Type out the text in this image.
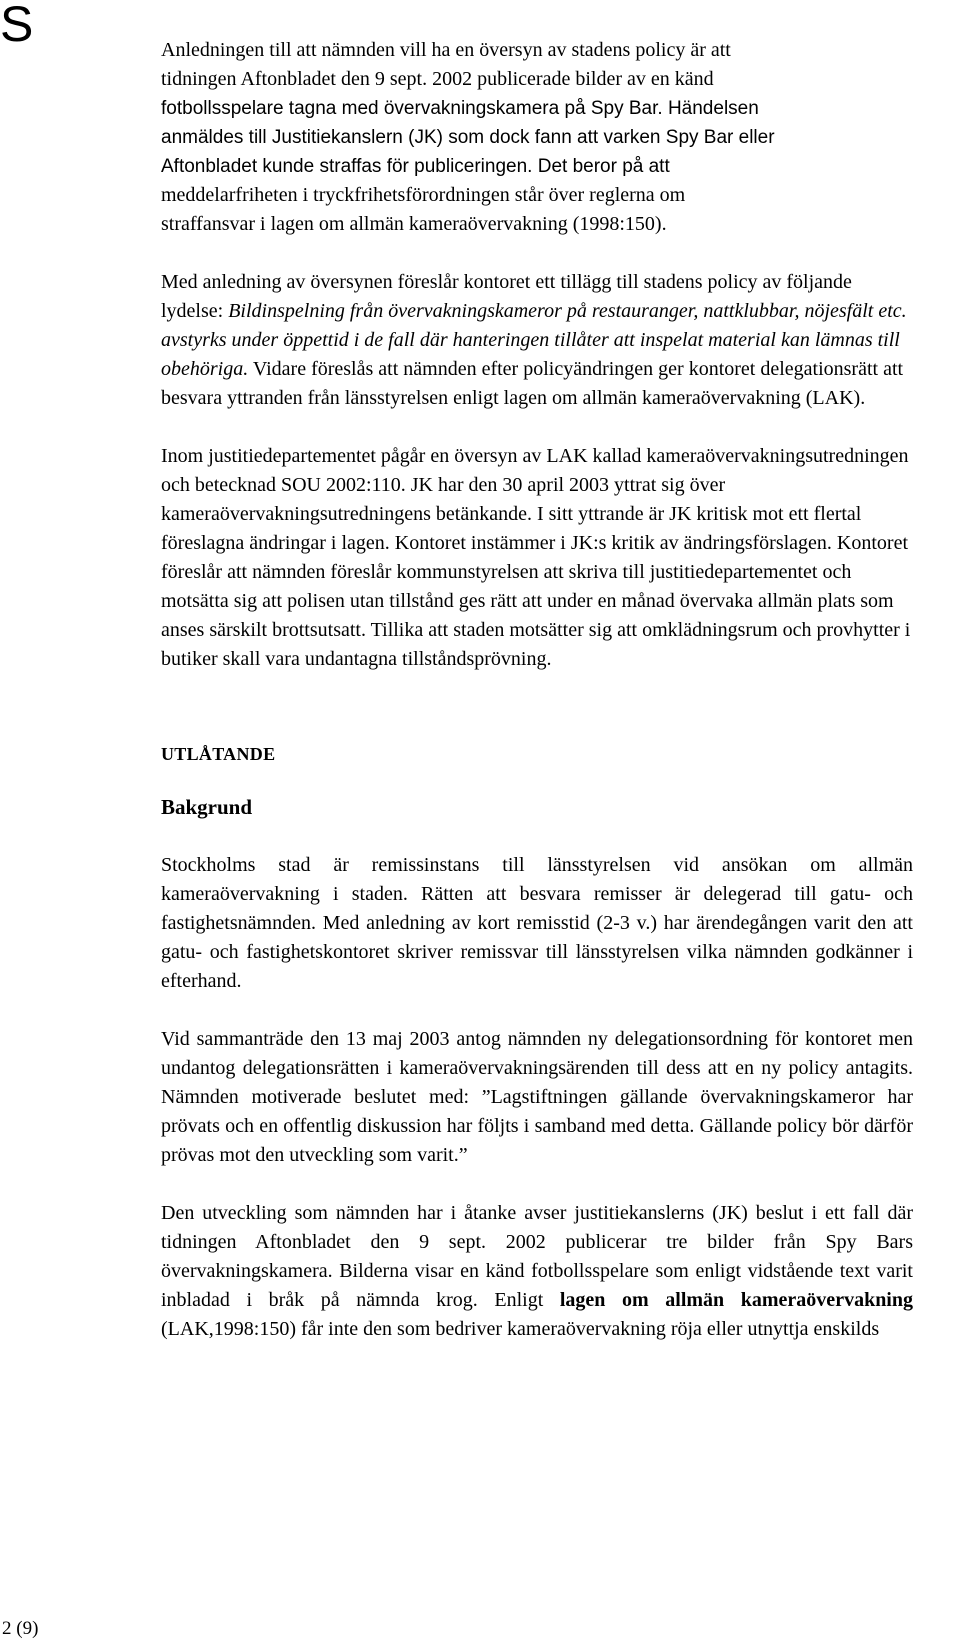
S	Anledningen till att nämnden vill ha en översyn av stadens policy är att
tidningen Aftonbladet den 9 sept. 2002 publicerade bilder av en känd
fotbollsspelare tagna med övervakningskamera på Spy Bar. Händelsen
anmäldes till Justitiekanslern (JK) som dock fann att varken Spy Bar eller
Aftonbladet kunde straffas för publiceringen. Det beror på att
meddelarfriheten i tryckfrihetsförordningen står över reglerna om
straffansvar i lagen om allmän kameraövervakning (1998:150).

Med anledning av översynen föreslår kontoret ett tillägg till stadens policy av följande lydelse: Bildinspelning från övervakningskameror på restauranger, nattklubbar, nöjesfält etc. avstyrks under öppettid i de fall där hanteringen tillåter att inspelat material kan lämnas till obehöriga. Vidare föreslås att nämnden efter policyändringen ger kontoret delegationsrätt att besvara yttranden från länsstyrelsen enligt lagen om allmän kameraövervakning (LAK).

Inom justitiedepartementet pågår en översyn av LAK kallad kameraövervakningsutredningen och betecknad SOU 2002:110. JK har den 30 april 2003 yttrat sig över kameraövervakningsutredningens betänkande. I sitt yttrande är JK kritisk mot ett flertal föreslagna ändringar i lagen. Kontoret instämmer i JK:s kritik av ändringsförslagen. Kontoret föreslår att nämnden föreslår kommunstyrelsen att skriva till justitiedepartementet och motsätta sig att polisen utan tillstånd ges rätt att under en månad övervaka allmän plats som anses särskilt brottsutsatt. Tillika att staden motsätter sig att omklädningsrum och provhytter i butiker skall vara undantagna tillståndsprövning.

UTLÅTANDE
Bakgrund

Stockholms stad är remissinstans till länsstyrelsen vid ansökan om allmän kameraövervakning i staden. Rätten att besvara remisser är delegerad till gatu- och fastighetsnämnden. Med anledning av kort remisstid (2-3 v.) har ärendegången varit den att gatu- och fastighetskontoret skriver remissvar till länsstyrelsen vilka nämnden godkänner i efterhand.

Vid sammanträde den 13 maj 2003 antog nämnden ny delegationsordning för kontoret men undantog delegationsrätten i kameraövervakningsärenden till dess att en ny policy antagits. Nämnden motiverade beslutet med: ”Lagstiftningen gällande övervakningskameror har prövats och en offentlig diskussion har följts i samband med detta. Gällande policy bör därför prövas mot den utveckling som varit.”

Den utveckling som nämnden har i åtanke avser justitiekanslerns (JK) beslut i ett fall där tidningen Aftonbladet den 9 sept. 2002 publicerar tre bilder från Spy Bars övervakningskamera. Bilderna visar en känd fotbollsspelare som enligt vidstående text varit inbladad i bråk på nämnda krog. Enligt lagen om allmän kameraövervakning (LAK,1998:150) får inte den som bedriver kameraövervakning röja eller utnyttja enskilds

2 (9)
